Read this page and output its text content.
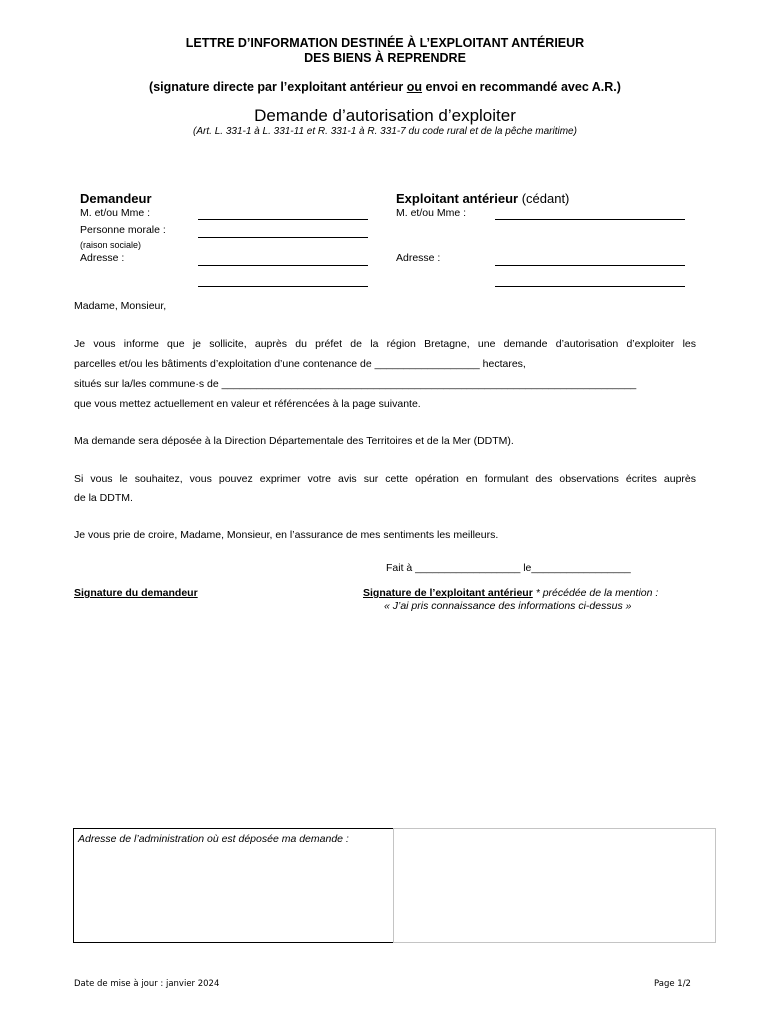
LETTRE D’INFORMATION DESTINÉE À L’EXPLOITANT ANTÉRIEUR
DES BIENS À REPRENDRE
(signature directe par l’exploitant antérieur ou envoi en recommandé avec A.R.)
Demande d’autorisation d’exploiter
(Art. L. 331-1 à L. 331-11 et R. 331-1 à R. 331-7 du code rural et de la pêche maritime)
Demandeur
M. et/ou Mme :
Personne morale :
(raison sociale)
Adresse :
Exploitant antérieur (cédant)
M. et/ou Mme :
Adresse :
Madame, Monsieur,
Je vous informe que je sollicite, auprès du préfet de la région Bretagne, une demande d’autorisation d’exploiter les
parcelles et/ou les bâtiments d’exploitation d’une contenance de __________________ hectares,
situés sur la/les commune·s de _______________________________________________________________________
que vous mettez actuellement en valeur et référencées à la page suivante.
Ma demande sera déposée à la Direction Départementale des Territoires et de la Mer (DDTM).
Si vous le souhaitez, vous pouvez exprimer votre avis sur cette opération en formulant des observations écrites auprès
de la DDTM.
Je vous prie de croire, Madame, Monsieur, en l’assurance de mes sentiments les meilleurs.
Fait à __________________ le_________________
Signature du demandeur	Signature de l’exploitant antérieur * précédée de la mention :
« J’ai pris connaissance des informations ci-dessus »
Adresse de l’administration où est déposée ma demande :
Date de mise à jour : janvier 2024	Page 1/2
